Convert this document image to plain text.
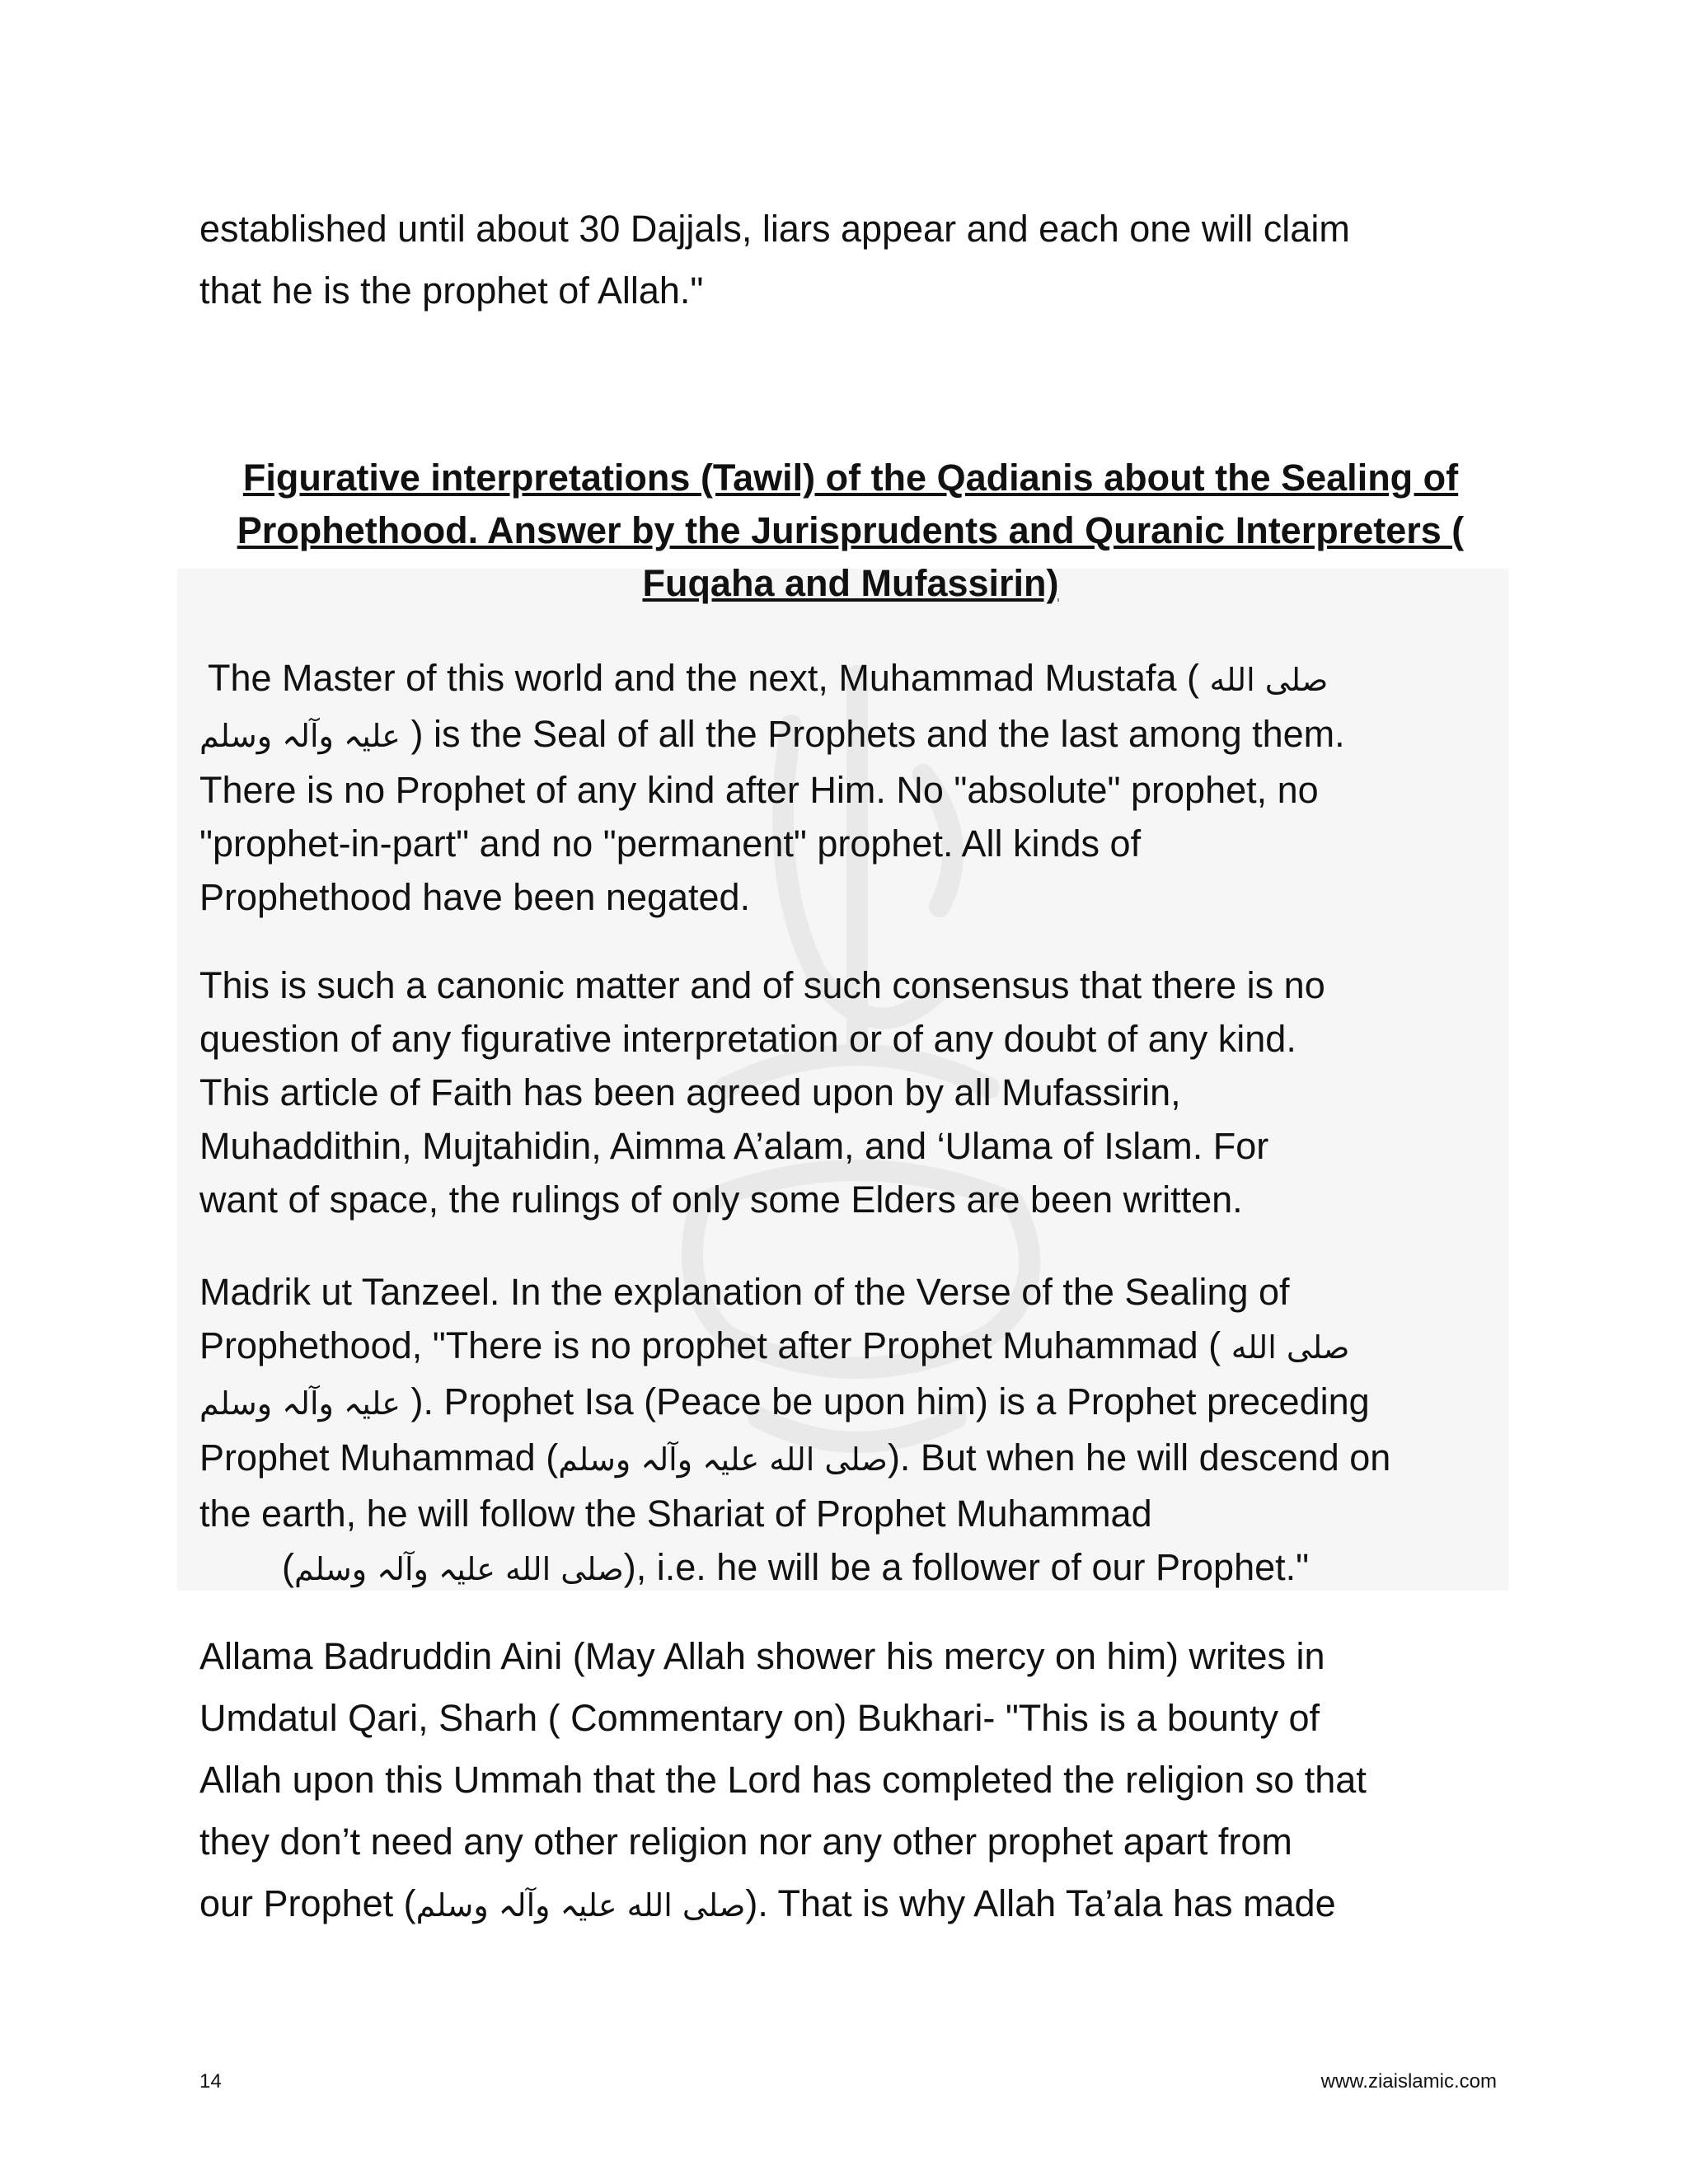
established until about 30 Dajjals, liars appear and each one will claim
that he is the prophet of Allah."

Figurative interpretations (Tawil) of the Qadianis about the Sealing of
Prophethood. Answer by the Jurisprudents and Quranic Interpreters (
Fuqaha and Mufassirin)

The Master of this world and the next, Muhammad Mustafa ( صلى الله
عليہ وآلہ وسلم ) is the Seal of all the Prophets and the last among them.
There is no Prophet of any kind after Him. No "absolute" prophet, no
"prophet-in-part" and no "permanent" prophet. All kinds of
Prophethood have been negated.

This is such a canonic matter and of such consensus that there is no
question of any figurative interpretation or of any doubt of any kind.
This article of Faith has been agreed upon by all Mufassirin,
Muhaddithin, Mujtahidin, Aimma A’alam, and ‘Ulama of Islam. For
want of space, the rulings of only some Elders are been written.

Madrik ut Tanzeel. In the explanation of the Verse of the Sealing of
Prophethood, "There is no prophet after Prophet Muhammad ( صلى الله
عليہ وآلہ وسلم ). Prophet Isa (Peace be upon him) is a Prophet preceding
Prophet Muhammad (صلى الله عليہ وآلہ وسلم). But when he will descend on
the earth, he will follow the Shariat of Prophet Muhammad
(صلى الله عليہ وآلہ وسلم), i.e. he will be a follower of our Prophet."

Allama Badruddin Aini (May Allah shower his mercy on him) writes in
Umdatul Qari, Sharh ( Commentary on) Bukhari- "This is a bounty of
Allah upon this Ummah that the Lord has completed the religion so that
they don’t need any other religion nor any other prophet apart from
our Prophet (صلى الله عليہ وآلہ وسلم). That is why Allah Ta’ala has made

14	www.ziaislamic.com
